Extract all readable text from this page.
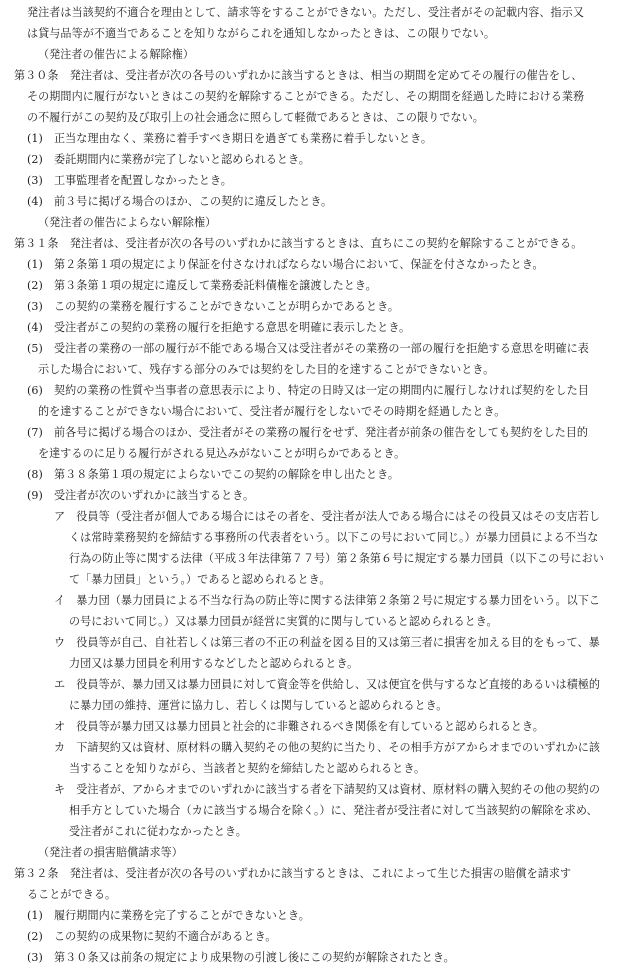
発注者は当該契約不適合を理由として、請求等をすることができない。ただし、受注者がその記載内容、指示又
は貸与品等が不適当であることを知りながらこれを通知しなかったときは、この限りでない。
（発注者の催告による解除権）
第３０条　発注者は、受注者が次の各号のいずれかに該当するときは、相当の期間を定めてその履行の催告をし、
その期間内に履行がないときはこの契約を解除することができる。ただし、その期間を経過した時における業務
の不履行がこの契約及び取引上の社会通念に照らして軽微であるときは、この限りでない。
(1)　正当な理由なく、業務に着手すべき期日を過ぎても業務に着手しないとき。
(2)　委託期間内に業務が完了しないと認められるとき。
(3)　工事監理者を配置しなかったとき。
(4)　前３号に掲げる場合のほか、この契約に違反したとき。
（発注者の催告によらない解除権）
第３１条　発注者は、受注者が次の各号のいずれかに該当するときは、直ちにこの契約を解除することができる。
(1)　第２条第１項の規定により保証を付さなければならない場合において、保証を付さなかったとき。
(2)　第３条第１項の規定に違反して業務委託料債権を譲渡したとき。
(3)　この契約の業務を履行することができないことが明らかであるとき。
(4)　受注者がこの契約の業務の履行を拒絶する意思を明確に表示したとき。
(5)　受注者の業務の一部の履行が不能である場合又は受注者がその業務の一部の履行を拒絶する意思を明確に表
示した場合において、残存する部分のみでは契約をした目的を達することができないとき。
(6)　契約の業務の性質や当事者の意思表示により、特定の日時又は一定の期間内に履行しなければ契約をした目
的を達することができない場合において、受注者が履行をしないでその時期を経過したとき。
(7)　前各号に掲げる場合のほか、受注者がその業務の履行をせず、発注者が前条の催告をしても契約をした目的
を達するのに足りる履行がされる見込みがないことが明らかであるとき。
(8)　第３８条第１項の規定によらないでこの契約の解除を申し出たとき。
(9)　受注者が次のいずれかに該当するとき。
ア　役員等（受注者が個人である場合にはその者を、受注者が法人である場合にはその役員又はその支店若し
くは常時業務契約を締結する事務所の代表者をいう。以下この号において同じ。）が暴力団員による不当な
行為の防止等に関する法律（平成３年法律第７７号）第２条第６号に規定する暴力団員（以下この号におい
て「暴力団員」という。）であると認められるとき。
イ　暴力団（暴力団員による不当な行為の防止等に関する法律第２条第２号に規定する暴力団をいう。以下こ
の号において同じ。）又は暴力団員が経営に実質的に関与していると認められるとき。
ウ　役員等が自己、自社若しくは第三者の不正の利益を図る目的又は第三者に損害を加える目的をもって、暴
力団又は暴力団員を利用するなどしたと認められるとき。
エ　役員等が、暴力団又は暴力団員に対して資金等を供給し、又は便宜を供与するなど直接的あるいは積極的
に暴力団の維持、運営に協力し、若しくは関与していると認められるとき。
オ　役員等が暴力団又は暴力団員と社会的に非難されるべき関係を有していると認められるとき。
カ　下請契約又は資材、原材料の購入契約その他の契約に当たり、その相手方がアからオまでのいずれかに該
当することを知りながら、当該者と契約を締結したと認められるとき。
キ　受注者が、アからオまでのいずれかに該当する者を下請契約又は資材、原材料の購入契約その他の契約の
相手方としていた場合（カに該当する場合を除く。）に、発注者が受注者に対して当該契約の解除を求め、
受注者がこれに従わなかったとき。
（発注者の損害賠償請求等）
第３２条　発注者は、受注者が次の各号のいずれかに該当するときは、これによって生じた損害の賠償を請求す
ることができる。
(1)　履行期間内に業務を完了することができないとき。
(2)　この契約の成果物に契約不適合があるとき。
(3)　第３０条又は前条の規定により成果物の引渡し後にこの契約が解除されたとき。
